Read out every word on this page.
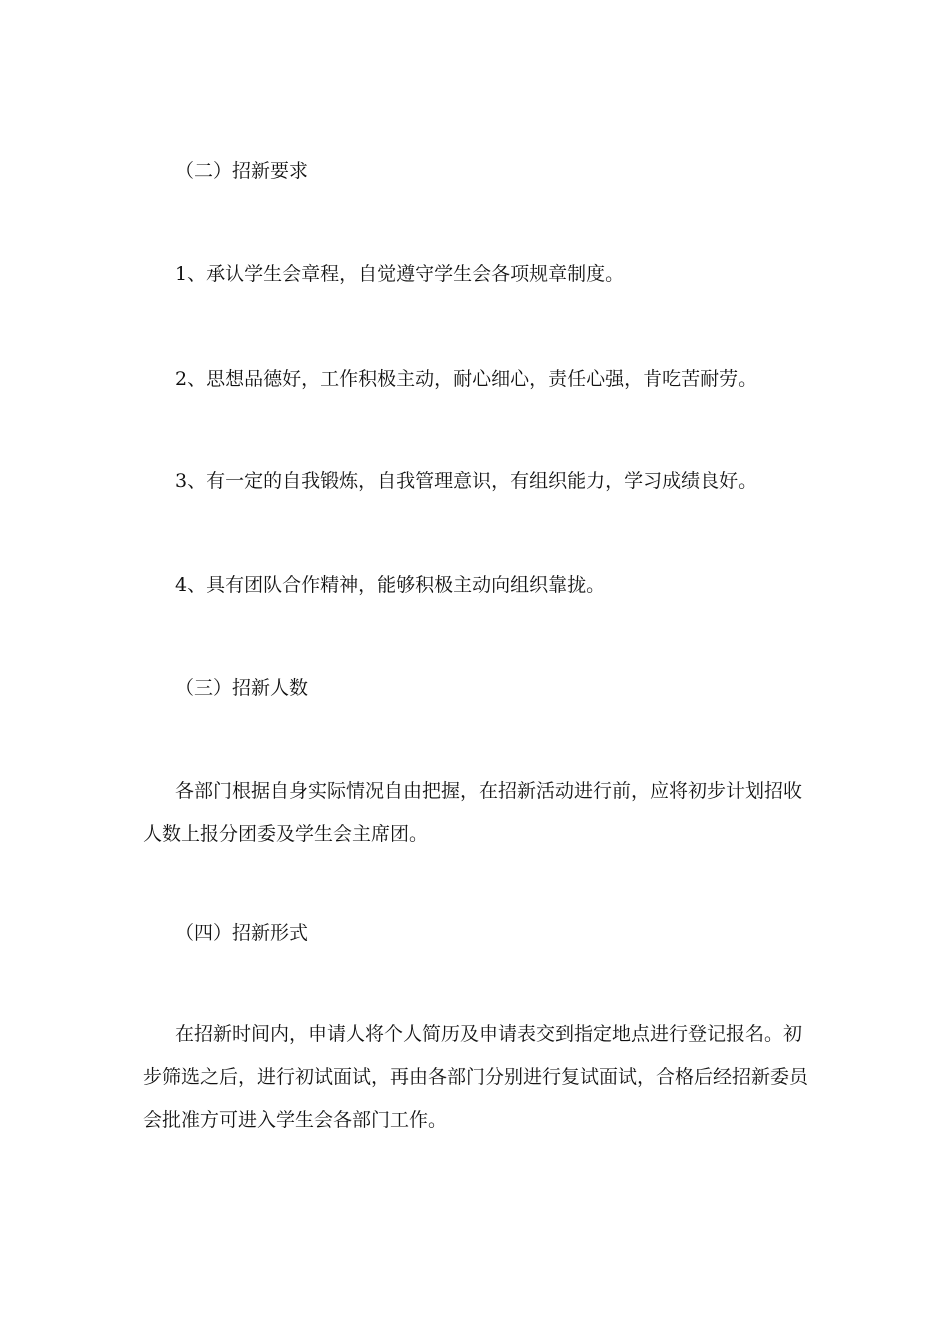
（二）招新要求

1、承认学生会章程，自觉遵守学生会各项规章制度。

2、思想品德好，工作积极主动，耐心细心，责任心强，肯吃苦耐劳。

3、有一定的自我锻炼，自我管理意识，有组织能力，学习成绩良好。

4、具有团队合作精神，能够积极主动向组织靠拢。

（三）招新人数

各部门根据自身实际情况自由把握，在招新活动进行前，应将初步计划招收人数上报分团委及学生会主席团。

（四）招新形式

在招新时间内，申请人将个人简历及申请表交到指定地点进行登记报名。初步筛选之后，进行初试面试，再由各部门分别进行复试面试，合格后经招新委员会批准方可进入学生会各部门工作。
